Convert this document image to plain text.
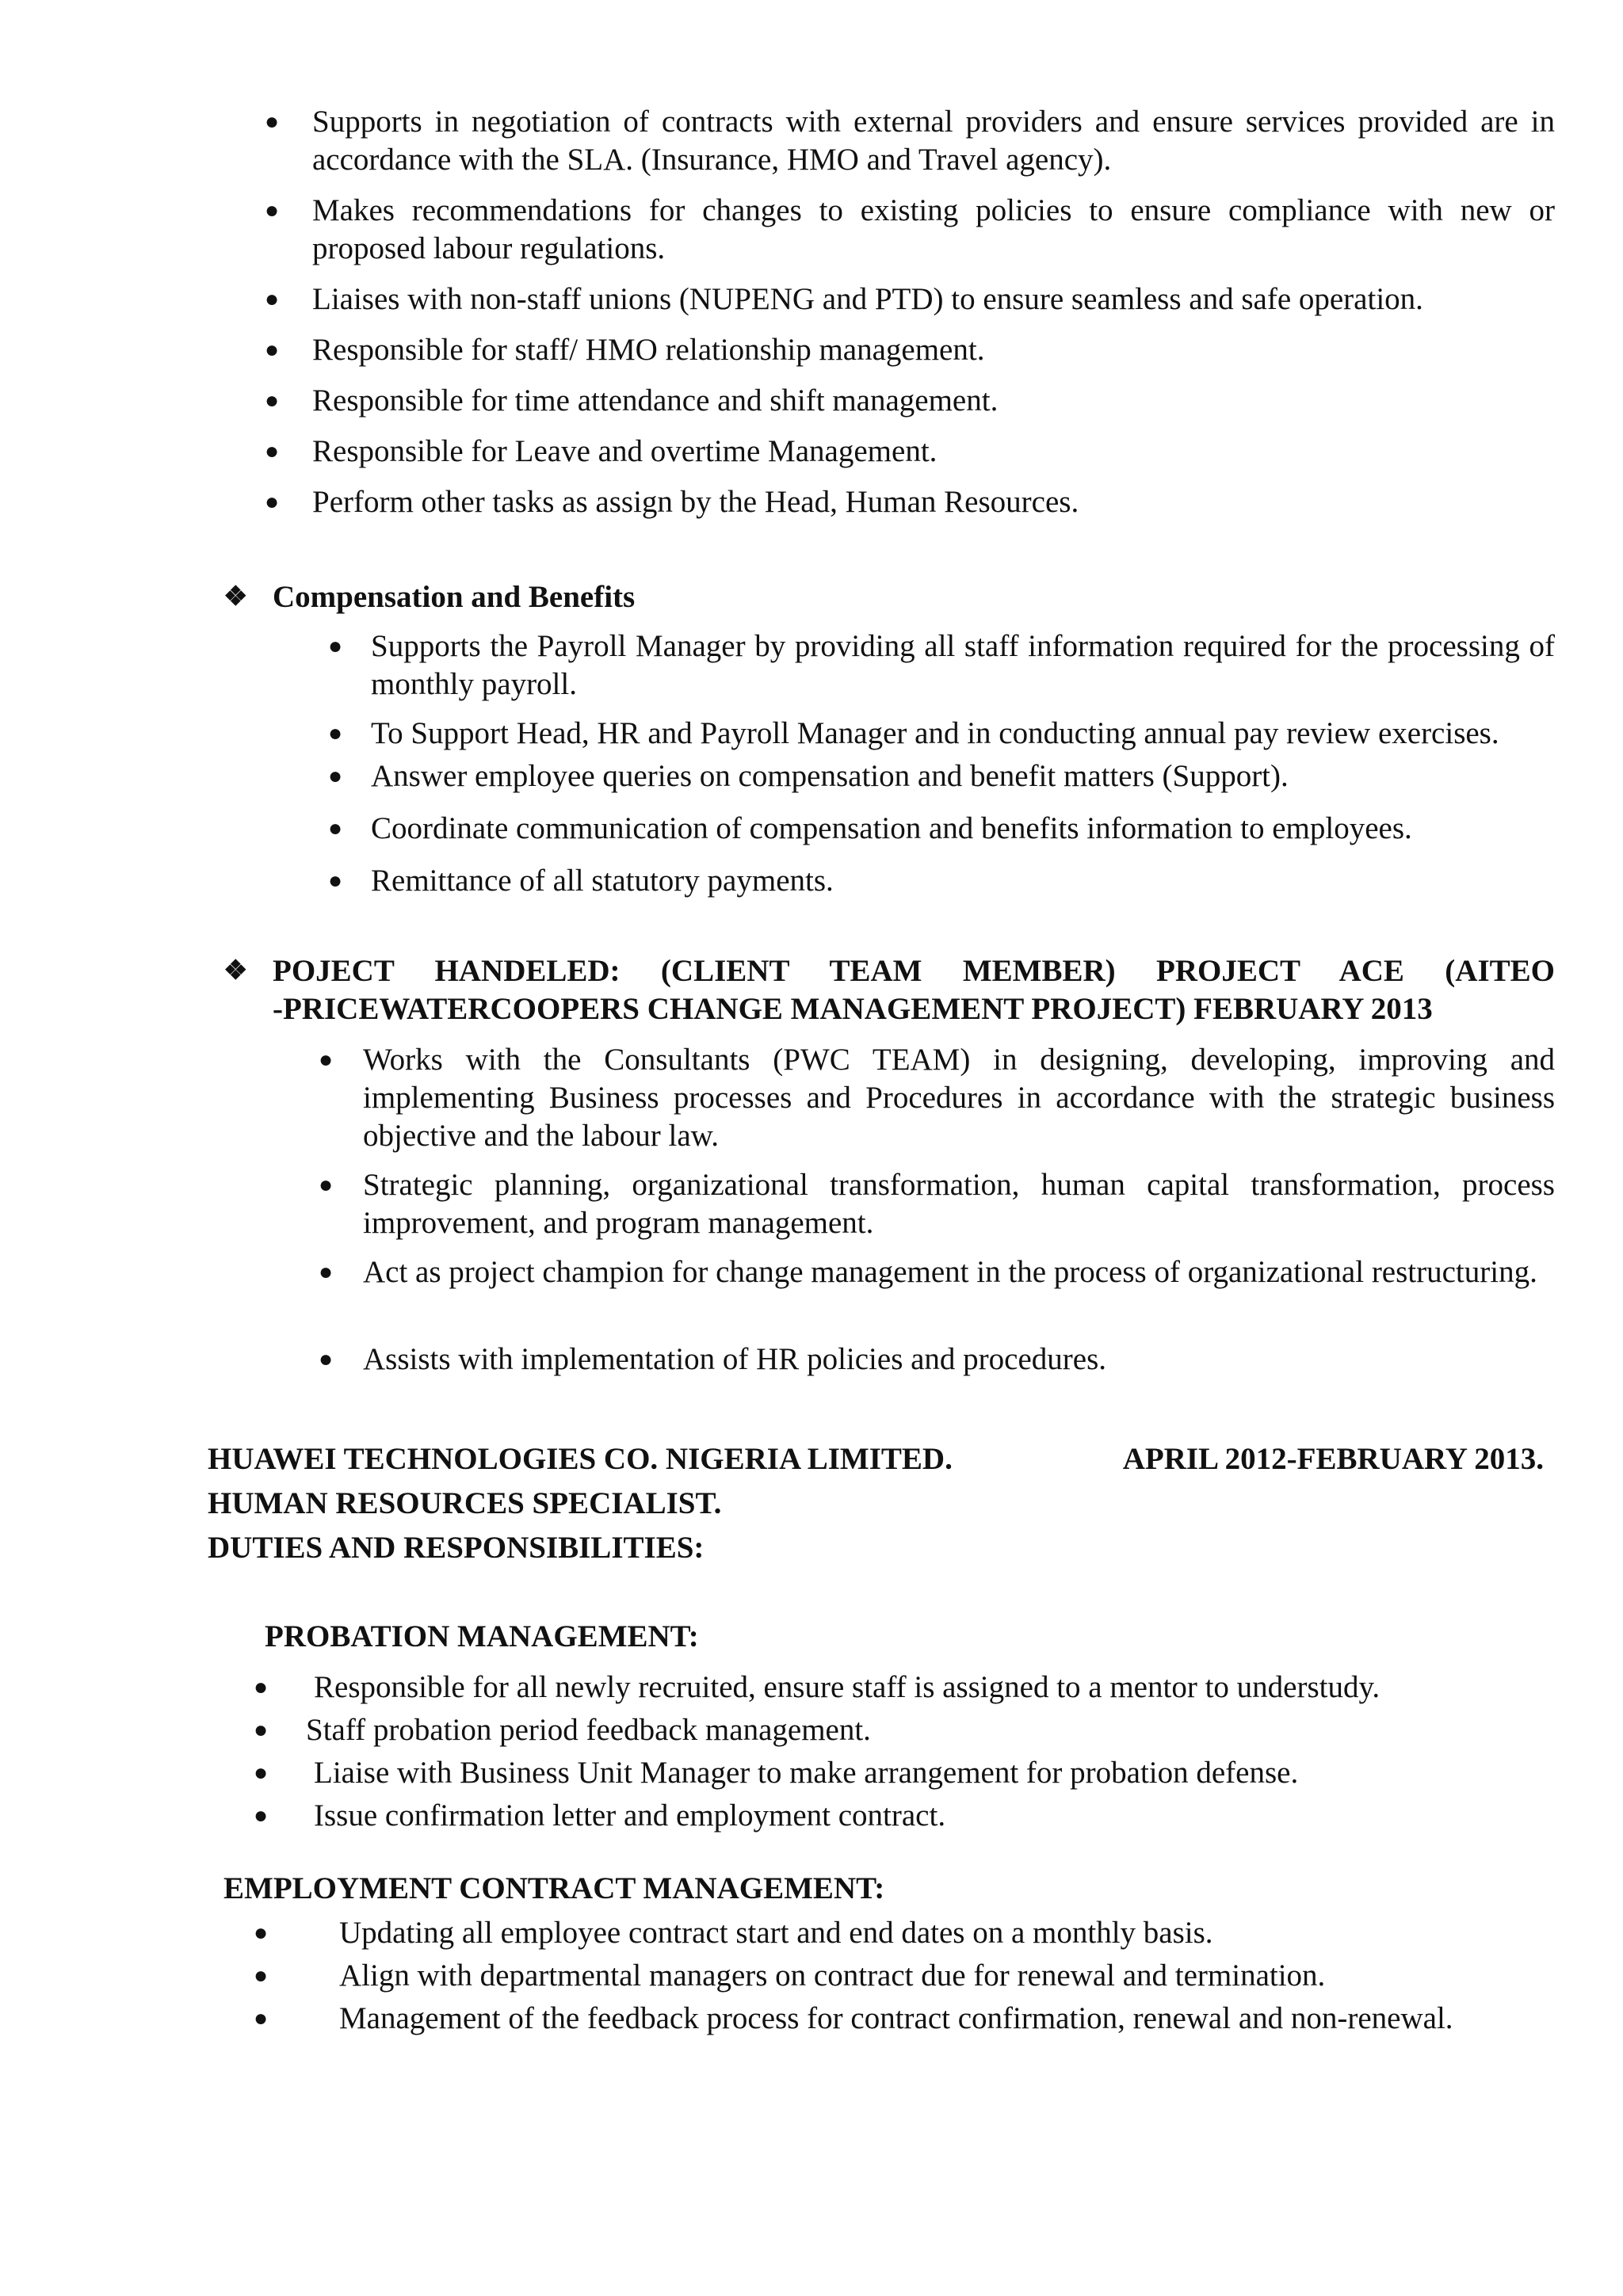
● Supports in negotiation of contracts with external providers and ensure services provided are in accordance with the SLA. (Insurance, HMO and Travel agency).
● Makes recommendations for changes to existing policies to ensure compliance with new or proposed labour regulations.
● Liaises with non-staff unions (NUPENG and PTD) to ensure seamless and safe operation.
● Responsible for staff/ HMO relationship management.
● Responsible for time attendance and shift management.
● Responsible for Leave and overtime Management.
● Perform other tasks as assign by the Head, Human Resources.
❖ Compensation and Benefits
● Supports the Payroll Manager by providing all staff information required for the processing of monthly payroll.
● To Support Head, HR and Payroll Manager and in conducting annual pay review exercises.
● Answer employee queries on compensation and benefit matters (Support).
● Coordinate communication of compensation and benefits information to employees.
● Remittance of all statutory payments.
❖ POJECT HANDELED: (CLIENT TEAM MEMBER) PROJECT ACE (AITEO
-PRICEWATERCOOPERS CHANGE MANAGEMENT PROJECT) FEBRUARY 2013
● Works with the Consultants (PWC TEAM) in designing, developing, improving and implementing Business processes and Procedures in accordance with the strategic business objective and the labour law.
● Strategic planning, organizational transformation, human capital transformation, process improvement, and program management.
● Act as project champion for change management in the process of organizational restructuring.
● Assists with implementation of HR policies and procedures.
HUAWEI TECHNOLOGIES CO. NIGERIA LIMITED.	APRIL 2012-FEBRUARY 2013.
HUMAN RESOURCES SPECIALIST.
DUTIES AND RESPONSIBILITIES:
PROBATION MANAGEMENT:
● Responsible for all newly recruited, ensure staff is assigned to a mentor to understudy.
● Staff probation period feedback management.
● Liaise with Business Unit Manager to make arrangement for probation defense.
● Issue confirmation letter and employment contract.
EMPLOYMENT CONTRACT MANAGEMENT:
● Updating all employee contract start and end dates on a monthly basis.
● Align with departmental managers on contract due for renewal and termination.
● Management of the feedback process for contract confirmation, renewal and non-renewal.
